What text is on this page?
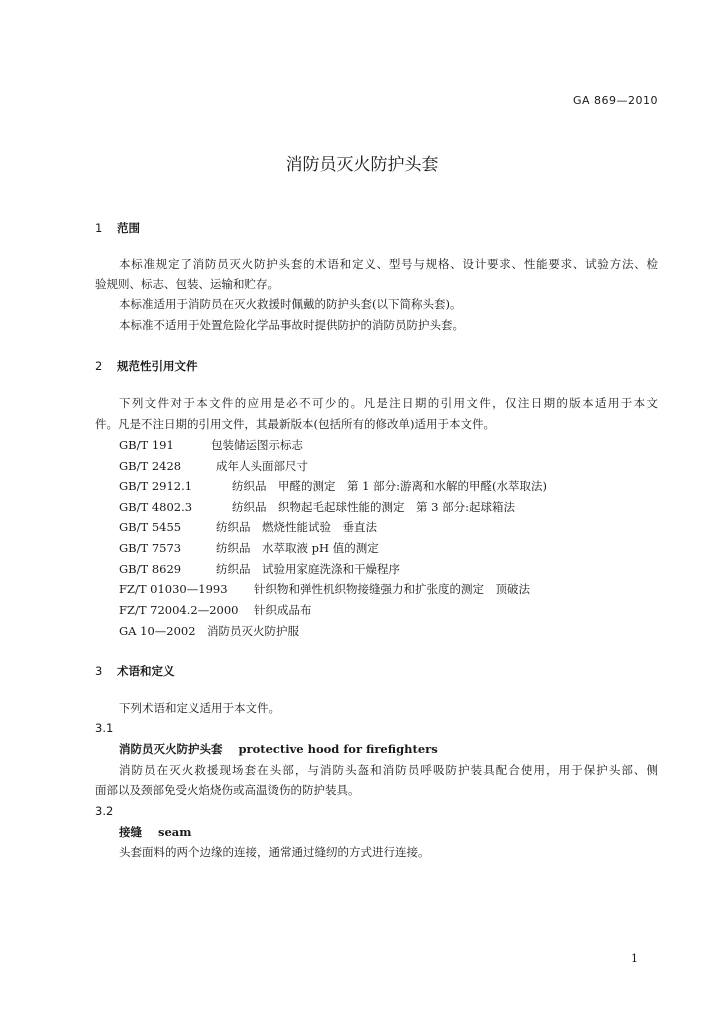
GA 869—2010
消防员灭火防护头套
1 范围
本标准规定了消防员灭火防护头套的术语和定义、型号与规格、设计要求、性能要求、试验方法、检
验规则、标志、包装、运输和贮存。
本标准适用于消防员在灭火救援时佩戴的防护头套(以下简称头套)。
本标准不适用于处置危险化学品事故时提供防护的消防员防护头套。
2 规范性引用文件
下列文件对于本文件的应用是必不可少的。凡是注日期的引用文件，仅注日期的版本适用于本文
件。凡是不注日期的引用文件，其最新版本(包括所有的修改单)适用于本文件。
GB/T 191	包装储运图示标志
GB/T 2428	成年人头面部尺寸
GB/T 2912.1	纺织品　甲醛的测定　第 1 部分:游离和水解的甲醛(水萃取法)
GB/T 4802.3	纺织品　织物起毛起球性能的测定　第 3 部分:起球箱法
GB/T 5455	纺织品　燃烧性能试验　垂直法
GB/T 7573	纺织品　水萃取液 pH 值的测定
GB/T 8629	纺织品　试验用家庭洗涤和干燥程序
FZ/T 01030—1993 针织物和弹性机织物接缝强力和扩张度的测定　顶破法
FZ/T 72004.2—2000 针织成品布
GA 10—2002 消防员灭火防护服
3 术语和定义
下列术语和定义适用于本文件。
3.1
消防员灭火防护头套 protective hood for firefighters
消防员在灭火救援现场套在头部，与消防头盔和消防员呼吸防护装具配合使用，用于保护头部、侧
面部以及颈部免受火焰烧伤或高温烫伤的防护装具。
3.2
接缝 seam
头套面料的两个边缘的连接，通常通过缝纫的方式进行连接。
1
